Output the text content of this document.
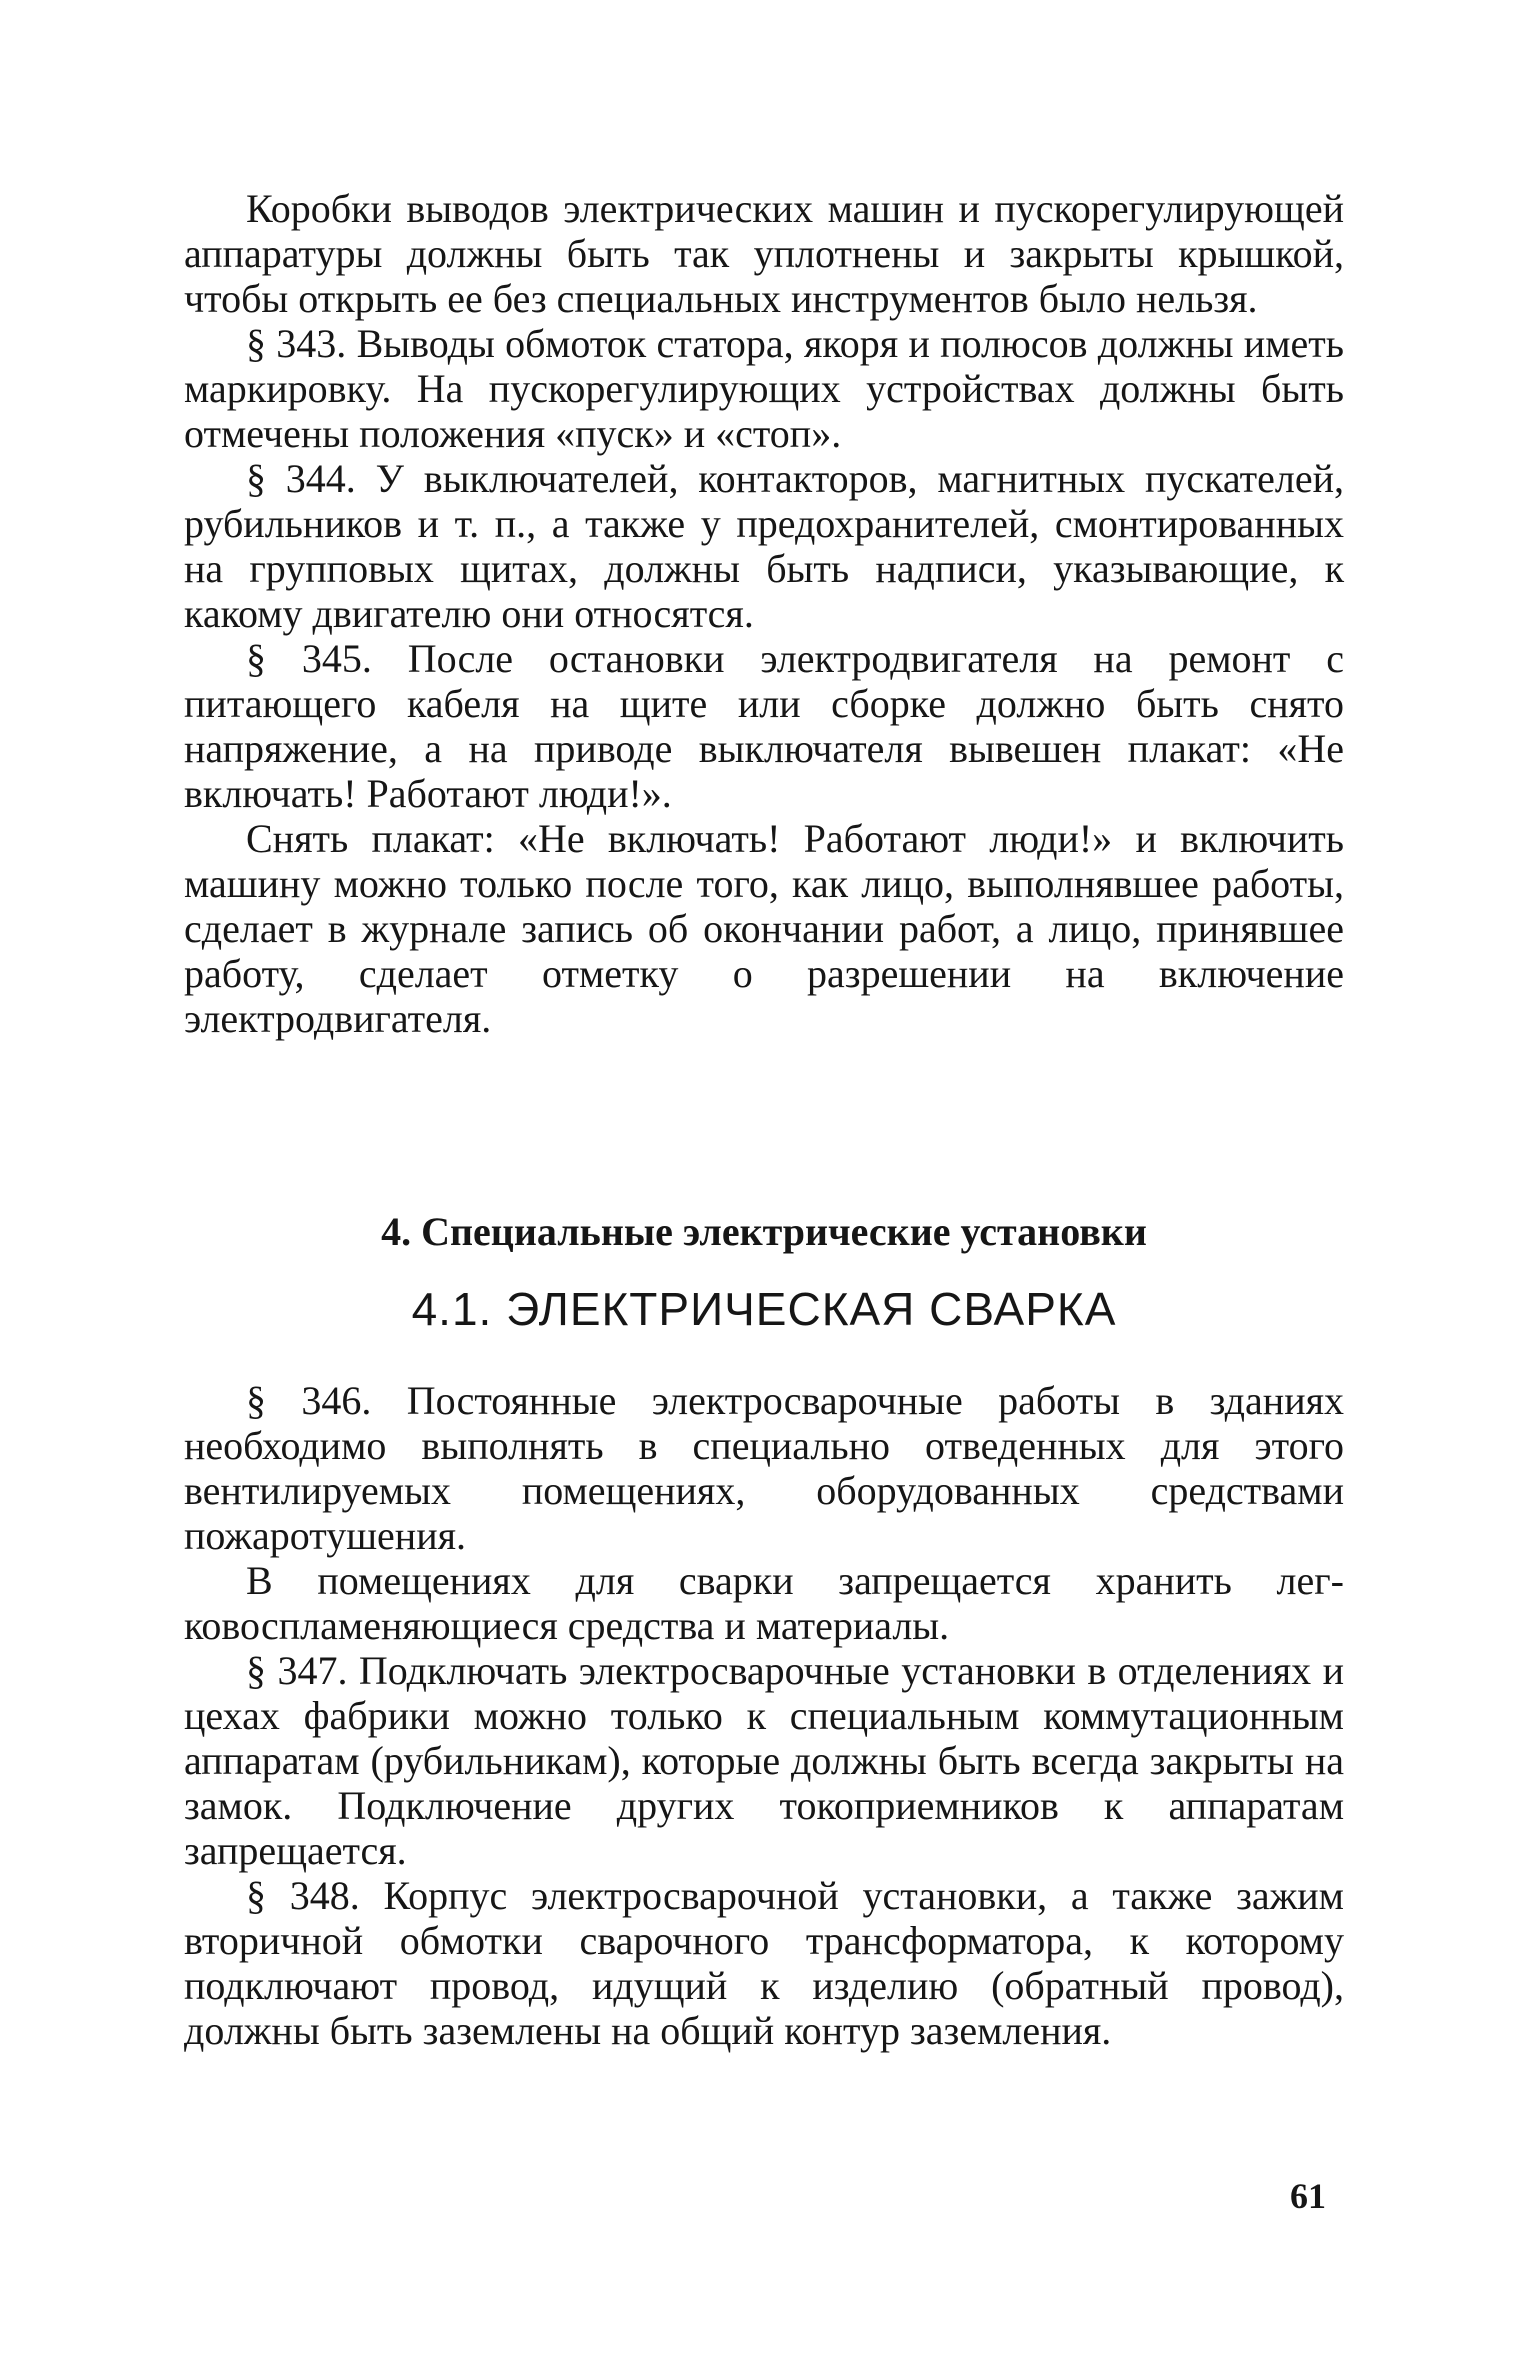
Коробки выводов электрических машин и пускорегулирующей аппаратуры должны быть так уплотнены и закрыты крышкой, чтобы открыть ее без специальных инструментов было нельзя.

§ 343. Выводы обмоток статора, якоря и полюсов должны иметь маркировку. На пускорегулирующих устройствах должны быть отмечены положения «пуск» и «стоп».

§ 344. У выключателей, контакторов, магнитных пускателей, рубильников и т. п., а также у предохранителей, смонтированных на групповых щитах, должны быть надписи, указывающие, к какому двигателю они относятся.

§ 345. После остановки электродвигателя на ремонт с питающего кабеля на щите или сборке должно быть снято напряжение, а на приводе выключателя вывешен плакат: «Не включать! Работают люди!».

Снять плакат: «Не включать! Работают люди!» и включить машину можно только после того, как лицо, выполнявшее работы, сделает в журнале запись об окончании работ, а лицо, принявшее работу, сделает отметку о разрешении на включение электродвигателя.

4. Специальные электрические установки
4.1. ЭЛЕКТРИЧЕСКАЯ СВАРКА

§ 346. Постоянные электросварочные работы в зданиях необходимо выполнять в специально отведенных для этого вентилируемых помещениях, оборудованных средствами пожаротушения.

В помещениях для сварки запрещается хранить легковоспламеняющиеся средства и материалы.

§ 347. Подключать электросварочные установки в отделениях и цехах фабрики можно только к специальным коммутационным аппаратам (рубильникам), которые должны быть всегда закрыты на замок. Подключение других токоприемников к аппаратам запрещается.

§ 348. Корпус электросварочной установки, а также зажим вторичной обмотки сварочного трансформатора, к которому подключают провод, идущий к изделию (обратный провод), должны быть заземлены на общий контур заземления.

61
